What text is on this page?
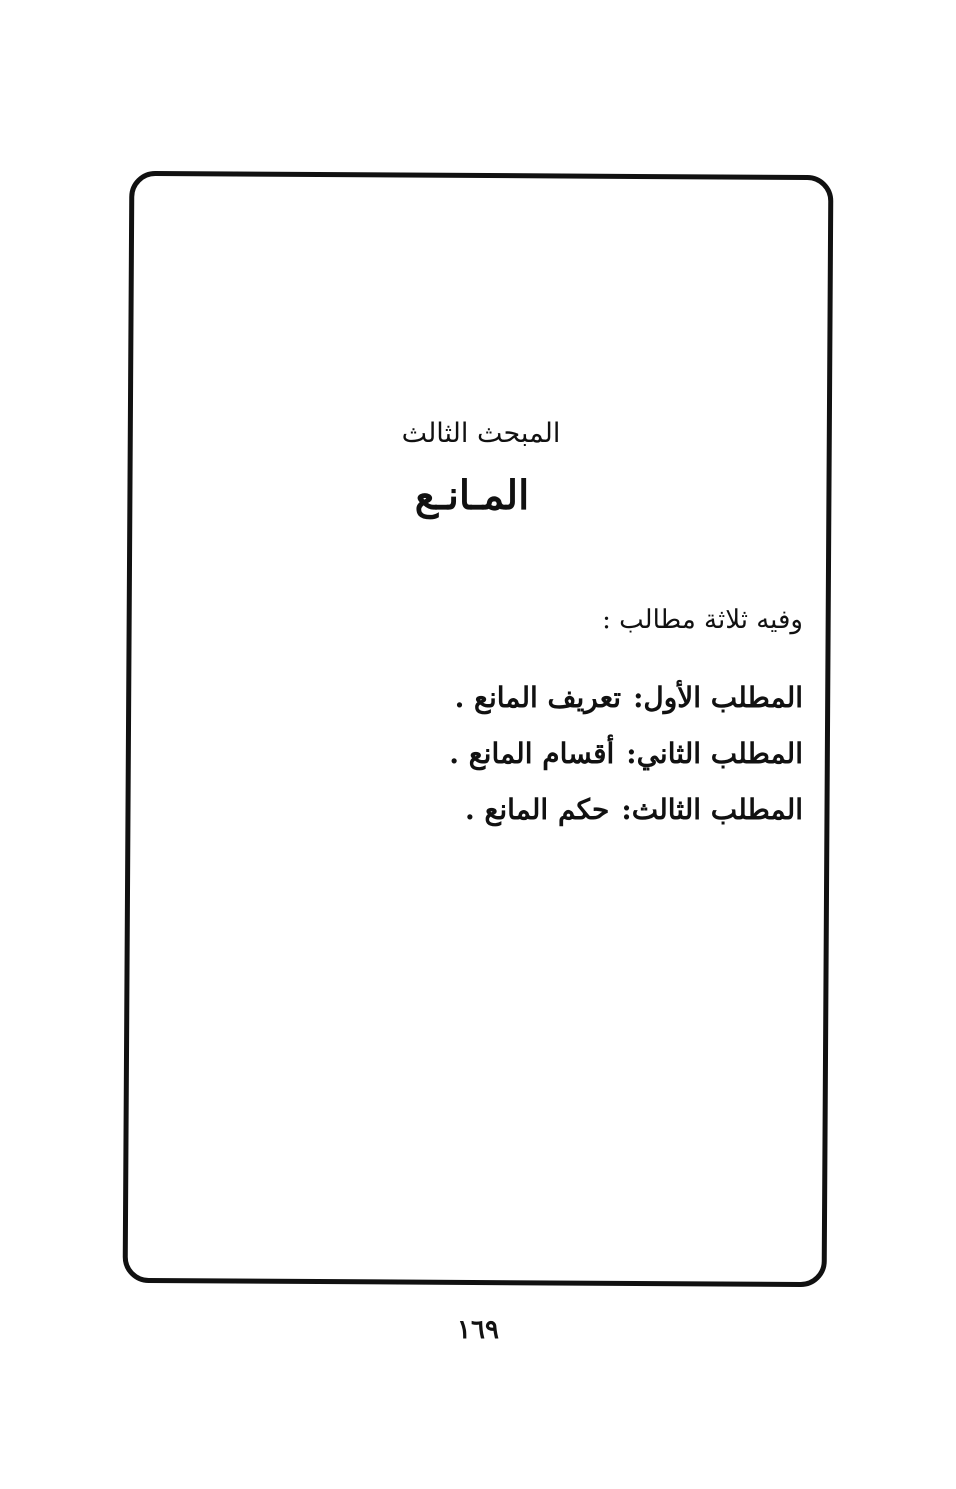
المبحث الثالث
المـانـع
وفيه ثلاثة مطالب :
المطلب الأول:تعريف المانع .
المطلب الثاني:أقسام المانع .
المطلب الثالث:حكم المانع .
١٦٩
